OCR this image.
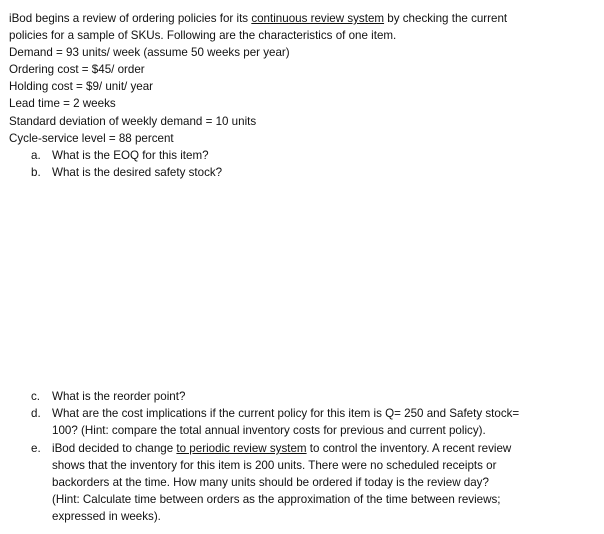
iBod begins a review of ordering policies for its continuous review system by checking the current
policies for a sample of SKUs. Following are the characteristics of one item.
Demand = 93 units/ week (assume 50 weeks per year)
Ordering cost = $45/ order
Holding cost = $9/ unit/ year
Lead time = 2 weeks
Standard deviation of weekly demand = 10 units
Cycle-service level = 88 percent
a. What is the EOQ for this item?
b. What is the desired safety stock?
c. What is the reorder point?
d. What are the cost implications if the current policy for this item is Q= 250 and Safety stock=
100? (Hint: compare the total annual inventory costs for previous and current policy).
e. iBod decided to change to periodic review system to control the inventory. A recent review
shows that the inventory for this item is 200 units. There were no scheduled receipts or
backorders at the time. How many units should be ordered if today is the review day?
(Hint: Calculate time between orders as the approximation of the time between reviews;
expressed in weeks).
